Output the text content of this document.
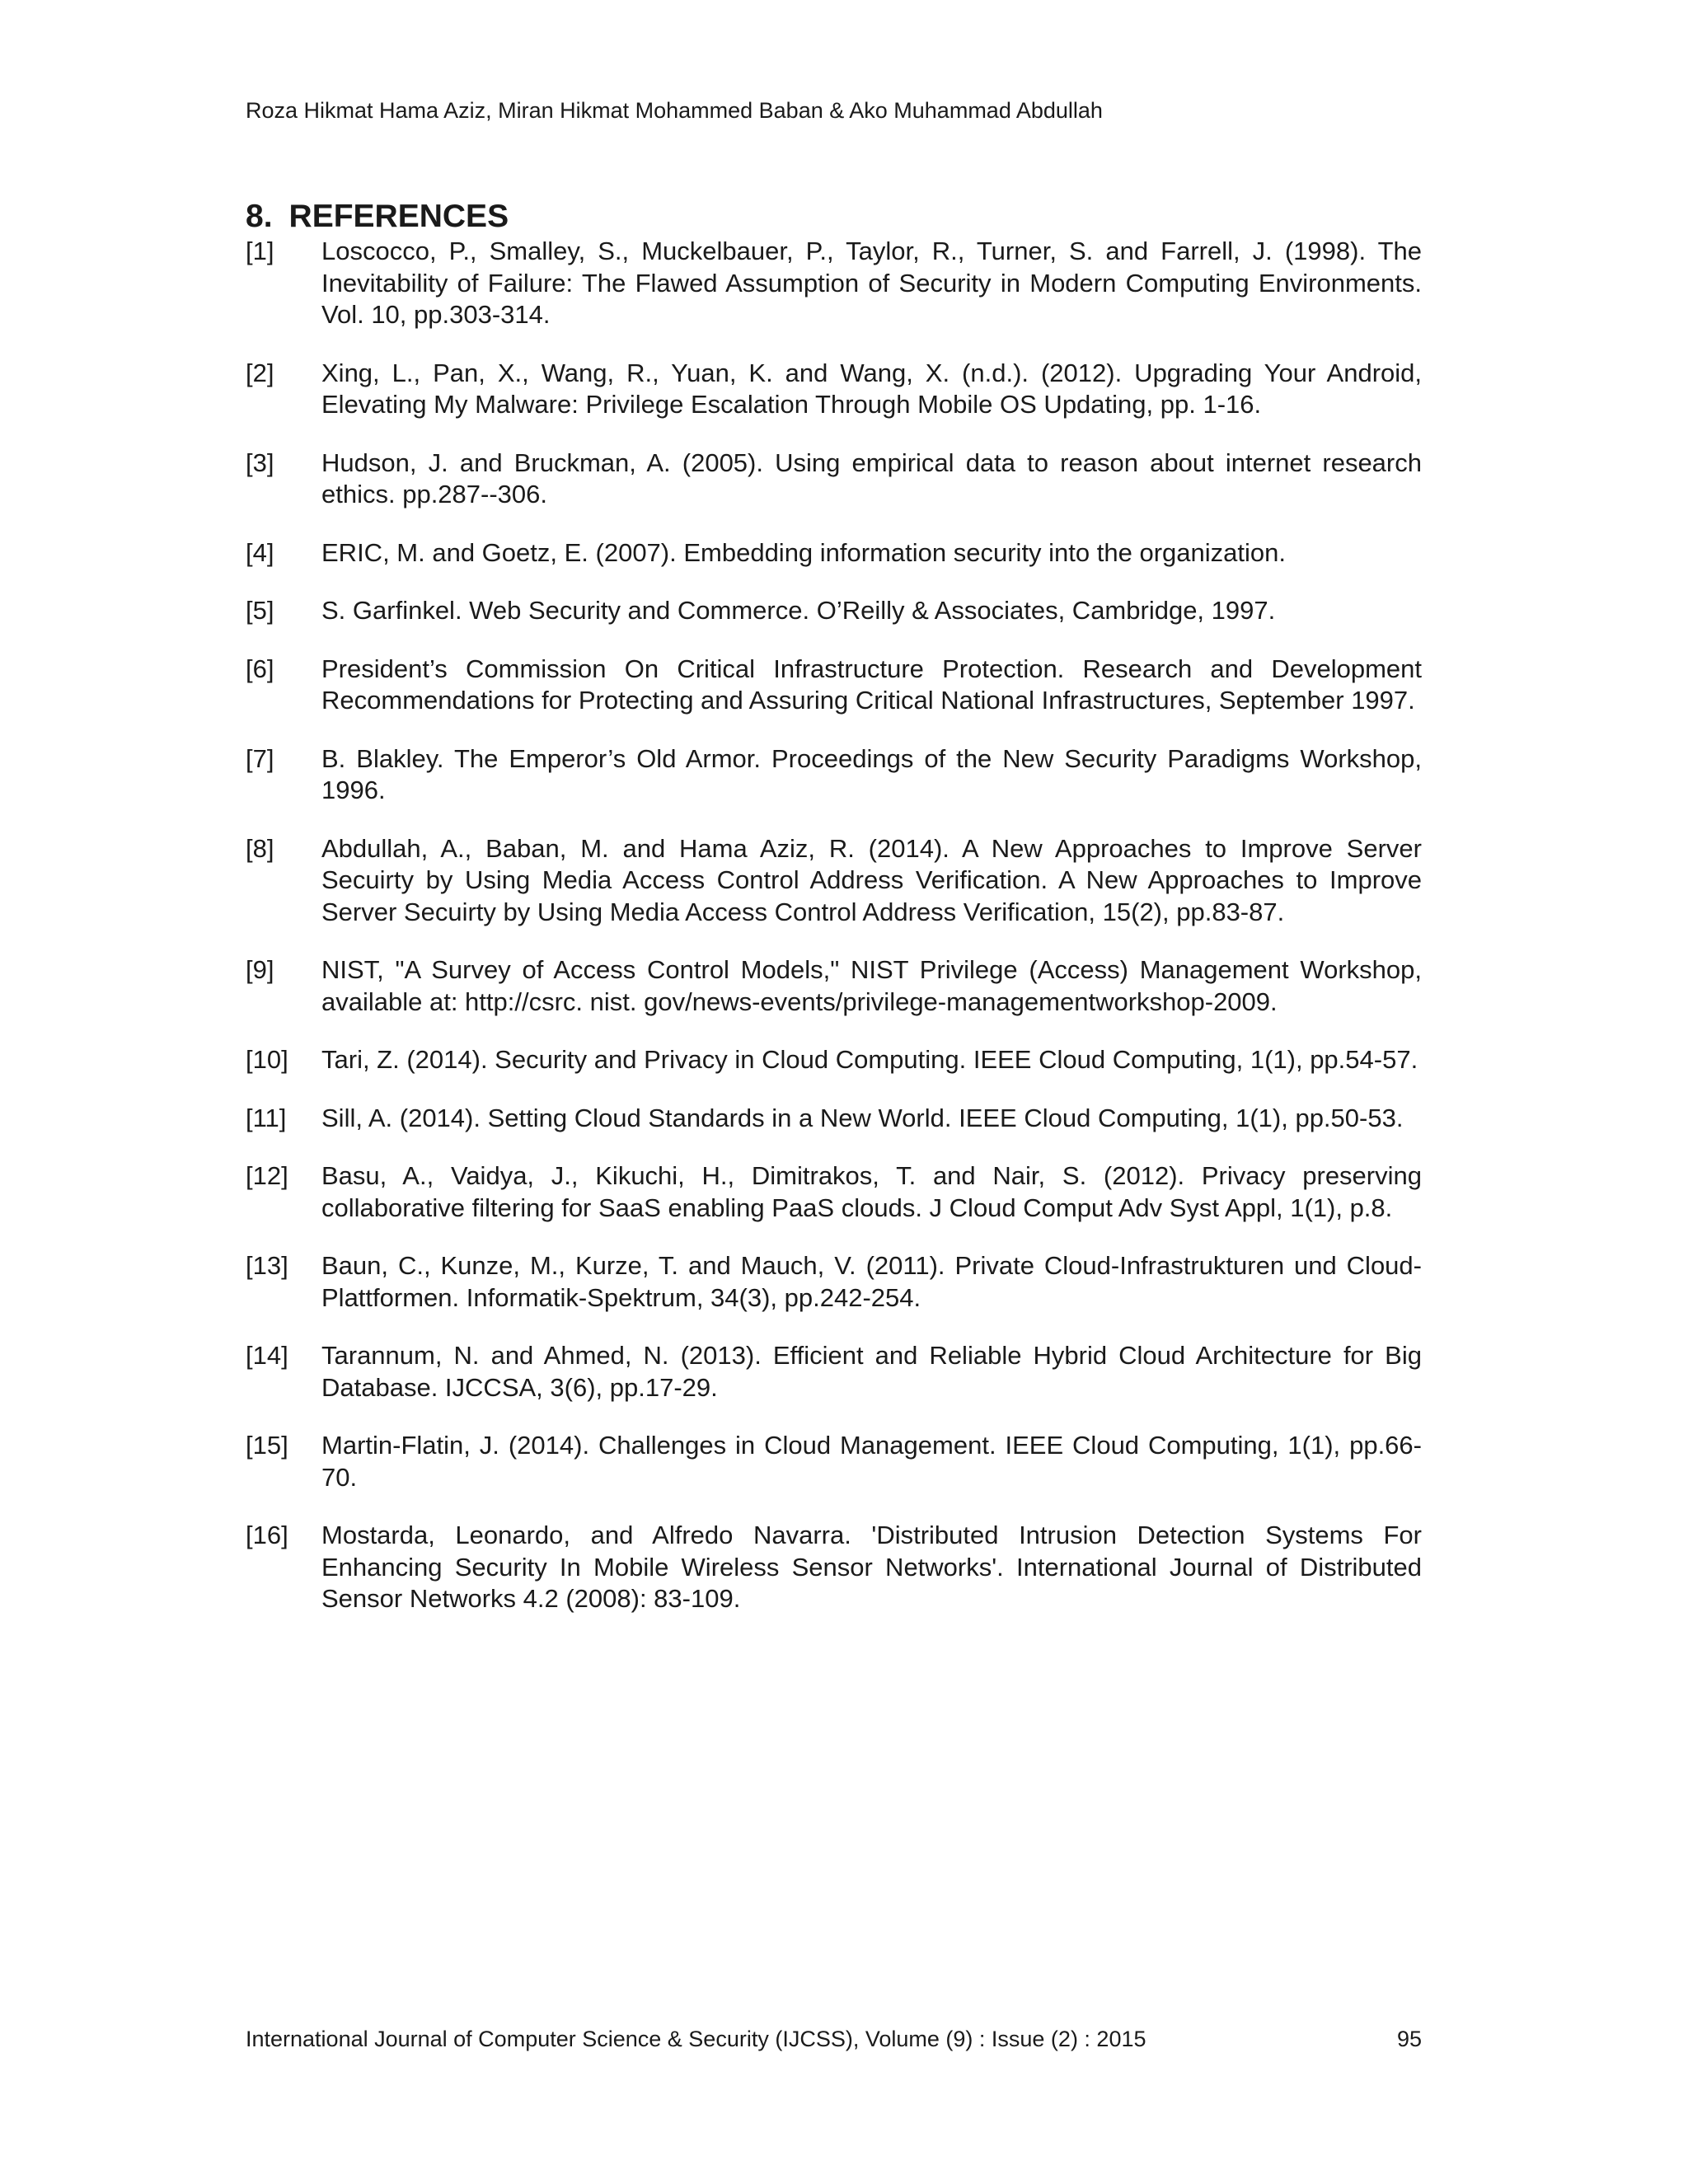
Roza Hikmat Hama Aziz, Miran Hikmat Mohammed Baban & Ako Muhammad Abdullah
8. REFERENCES
[1]	Loscocco, P., Smalley, S., Muckelbauer, P., Taylor, R., Turner, S. and Farrell, J. (1998). The Inevitability of Failure: The Flawed Assumption of Security in Modern Computing Environments. Vol. 10, pp.303-314.
[2]	Xing, L., Pan, X., Wang, R., Yuan, K. and Wang, X. (n.d.). (2012). Upgrading Your Android, Elevating My Malware: Privilege Escalation Through Mobile OS Updating, pp. 1-16.
[3]	Hudson, J. and Bruckman, A. (2005). Using empirical data to reason about internet research ethics. pp.287--306.
[4]	ERIC, M. and Goetz, E. (2007). Embedding information security into the organization.
[5]	S. Garfinkel. Web Security and Commerce. O’Reilly & Associates, Cambridge, 1997.
[6]	President’s Commission On Critical Infrastructure Protection. Research and Development Recommendations for Protecting and Assuring Critical National Infrastructures, September 1997.
[7]	B. Blakley. The Emperor’s Old Armor. Proceedings of the New Security Paradigms Workshop, 1996.
[8]	Abdullah, A., Baban, M. and Hama Aziz, R. (2014). A New Approaches to Improve Server Secuirty by Using Media Access Control Address Verification. A New Approaches to Improve Server Secuirty by Using Media Access Control Address Verification, 15(2), pp.83-87.
[9]	NIST, "A Survey of Access Control Models," NIST Privilege (Access) Management Workshop, available at: http://csrc. nist. gov/news-events/privilege-managementworkshop-2009.
[10]	Tari, Z. (2014). Security and Privacy in Cloud Computing. IEEE Cloud Computing, 1(1), pp.54-57.
[11]	Sill, A. (2014). Setting Cloud Standards in a New World. IEEE Cloud Computing, 1(1), pp.50-53.
[12]	Basu, A., Vaidya, J., Kikuchi, H., Dimitrakos, T. and Nair, S. (2012). Privacy preserving collaborative filtering for SaaS enabling PaaS clouds. J Cloud Comput Adv Syst Appl, 1(1), p.8.
[13]	Baun, C., Kunze, M., Kurze, T. and Mauch, V. (2011). Private Cloud-Infrastrukturen und Cloud-Plattformen. Informatik-Spektrum, 34(3), pp.242-254.
[14]	Tarannum, N. and Ahmed, N. (2013). Efficient and Reliable Hybrid Cloud Architecture for Big Database. IJCCSA, 3(6), pp.17-29.
[15]	Martin-Flatin, J. (2014). Challenges in Cloud Management. IEEE Cloud Computing, 1(1), pp.66-70.
[16]	Mostarda, Leonardo, and Alfredo Navarra. 'Distributed Intrusion Detection Systems For Enhancing Security In Mobile Wireless Sensor Networks'. International Journal of Distributed Sensor Networks 4.2 (2008): 83-109.
International Journal of Computer Science & Security (IJCSS), Volume (9) : Issue (2) : 2015	95
